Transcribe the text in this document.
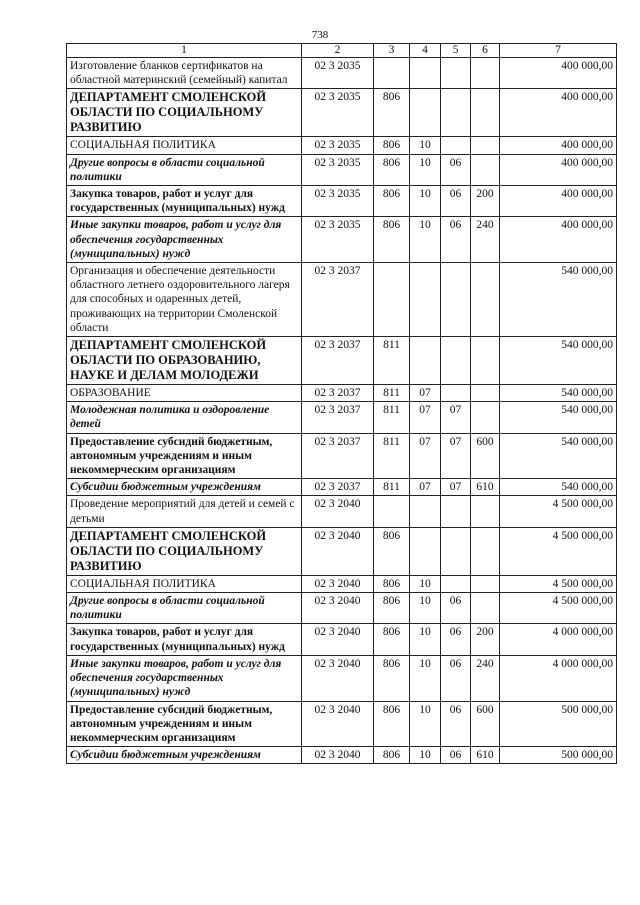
738
1	2	3	4	5	6	7
Изготовление бланков сертификатов на областной материнский (семейный) капитал	02 3 2035					400 000,00
ДЕПАРТАМЕНТ СМОЛЕНСКОЙ ОБЛАСТИ ПО СОЦИАЛЬНОМУ РАЗВИТИЮ	02 3 2035	806				400 000,00
СОЦИАЛЬНАЯ ПОЛИТИКА	02 3 2035	806	10			400 000,00
Другие вопросы в области социальной политики	02 3 2035	806	10	06		400 000,00
Закупка товаров, работ и услуг для государственных (муниципальных) нужд	02 3 2035	806	10	06	200	400 000,00
Иные закупки товаров, работ и услуг для обеспечения государственных (муниципальных) нужд	02 3 2035	806	10	06	240	400 000,00
Организация и обеспечение деятельности областного летнего оздоровительного лагеря для способных и одаренных детей, проживающих на территории Смоленской области	02 3 2037					540 000,00
ДЕПАРТАМЕНТ СМОЛЕНСКОЙ ОБЛАСТИ ПО ОБРАЗОВАНИЮ, НАУКЕ И ДЕЛАМ МОЛОДЕЖИ	02 3 2037	811				540 000,00
ОБРАЗОВАНИЕ	02 3 2037	811	07			540 000,00
Молодежная политика и оздоровление детей	02 3 2037	811	07	07		540 000,00
Предоставление субсидий бюджетным, автономным учреждениям и иным некоммерческим организациям	02 3 2037	811	07	07	600	540 000,00
Субсидии бюджетным учреждениям	02 3 2037	811	07	07	610	540 000,00
Проведение мероприятий для детей и семей с детьми	02 3 2040					4 500 000,00
ДЕПАРТАМЕНТ СМОЛЕНСКОЙ ОБЛАСТИ ПО СОЦИАЛЬНОМУ РАЗВИТИЮ	02 3 2040	806				4 500 000,00
СОЦИАЛЬНАЯ ПОЛИТИКА	02 3 2040	806	10			4 500 000,00
Другие вопросы в области социальной политики	02 3 2040	806	10	06		4 500 000,00
Закупка товаров, работ и услуг для государственных (муниципальных) нужд	02 3 2040	806	10	06	200	4 000 000,00
Иные закупки товаров, работ и услуг для обеспечения государственных (муниципальных) нужд	02 3 2040	806	10	06	240	4 000 000,00
Предоставление субсидий бюджетным, автономным учреждениям и иным некоммерческим организациям	02 3 2040	806	10	06	600	500 000,00
Субсидии бюджетным учреждениям	02 3 2040	806	10	06	610	500 000,00
